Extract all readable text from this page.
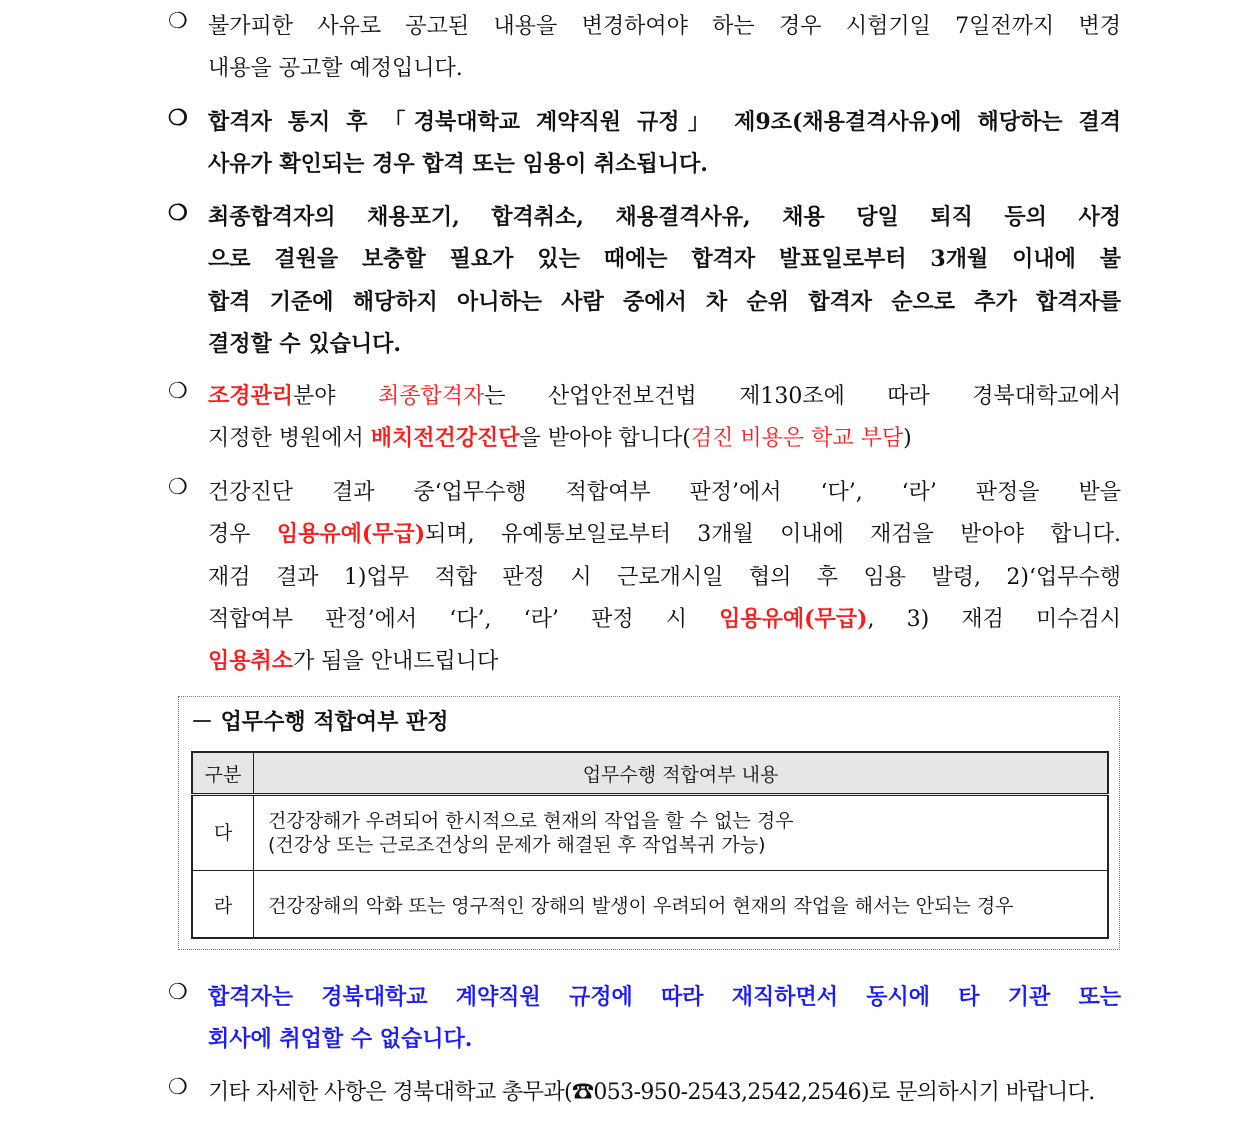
❍ 불가피한 사유로 공고된 내용을 변경하여야 하는 경우 시험기일 7일전까지 변경
내용을 공고할 예정입니다.
❍ 합격자 통지 후 「경북대학교 계약직원 규정」 제9조(채용결격사유)에 해당하는 결격
사유가 확인되는 경우 합격 또는 임용이 취소됩니다.
❍ 최종합격자의 채용포기, 합격취소, 채용결격사유, 채용 당일 퇴직 등의 사정
으로 결원을 보충할 필요가 있는 때에는 합격자 발표일로부터 3개월 이내에 불
합격 기준에 해당하지 아니하는 사람 중에서 차 순위 합격자 순으로 추가 합격자를
결정할 수 있습니다.
❍ 조경관리분야 최종합격자는 산업안전보건법 제130조에 따라 경북대학교에서
지정한 병원에서 배치전건강진단을 받아야 합니다(검진 비용은 학교 부담)
❍ 건강진단 결과 중‘업무수행 적합여부 판정’에서 ‘다’, ‘라’ 판정을 받을
경우 임용유예(무급)되며, 유예통보일로부터 3개월 이내에 재검을 받아야 합니다.
재검 결과 1)업무 적합 판정 시 근로개시일 협의 후 임용 발령, 2)‘업무수행
적합여부 판정’에서 ‘다’, ‘라’ 판정 시 임용유예(무급), 3) 재검 미수검시
임용취소가 됨을 안내드립니다
－ 업무수행 적합여부 판정
구분	업무수행 적합여부 내용
다	건강장해가 우려되어 한시적으로 현재의 작업을 할 수 없는 경우
(건강상 또는 근로조건상의 문제가 해결된 후 작업복귀 가능)

라	건강장해의 악화 또는 영구적인 장해의 발생이 우려되어 현재의 작업을 해서는 안되는 경우
❍ 합격자는 경북대학교 계약직원 규정에 따라 재직하면서 동시에 타 기관 또는
회사에 취업할 수 없습니다.
❍ 기타 자세한 사항은 경북대학교 총무과(☎053-950-2543,2542,2546)로 문의하시기 바랍니다.
